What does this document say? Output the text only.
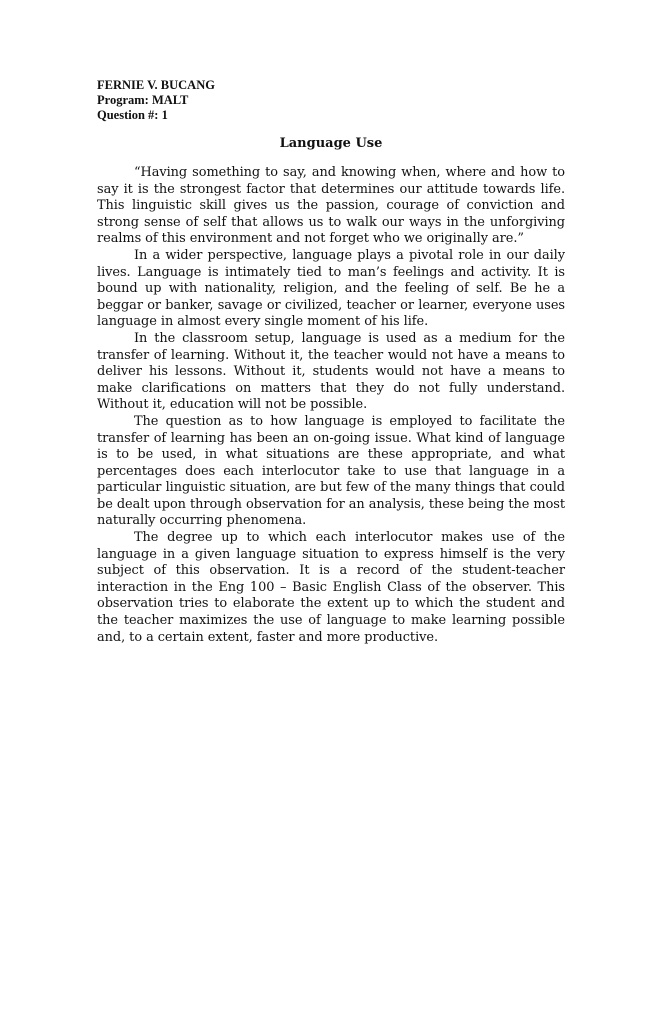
FERNIE V. BUCANG
Program: MALT
Question #: 1
Language Use

“Having something to say, and knowing when, where and how to say it is the strongest factor that determines our attitude towards life. This linguistic skill gives us the passion, courage of conviction and strong sense of self that allows us to walk our ways in the unforgiving realms of this environment and not forget who we originally are.”

In a wider perspective, language plays a pivotal role in our daily lives. Language is intimately tied to man’s feelings and activity. It is bound up with nationality, religion, and the feeling of self. Be he a beggar or banker, savage or civilized, teacher or learner, everyone uses language in almost every single moment of his life.

In the classroom setup, language is used as a medium for the transfer of learning. Without it, the teacher would not have a means to deliver his lessons. Without it, students would not have a means to make clarifications on matters that they do not fully understand. Without it, education will not be possible.

The question as to how language is employed to facilitate the transfer of learning has been an on-going issue. What kind of language is to be used, in what situations are these appropriate, and what percentages does each interlocutor take to use that language in a particular linguistic situation, are but few of the many things that could be dealt upon through observation for an analysis, these being the most naturally occurring phenomena.

The degree up to which each interlocutor makes use of the language in a given language situation to express himself is the very subject of this observation. It is a record of the student-teacher interaction in the Eng 100 – Basic English Class of the observer. This observation tries to elaborate the extent up to which the student and the teacher maximizes the use of language to make learning possible and, to a certain extent, faster and more productive.
